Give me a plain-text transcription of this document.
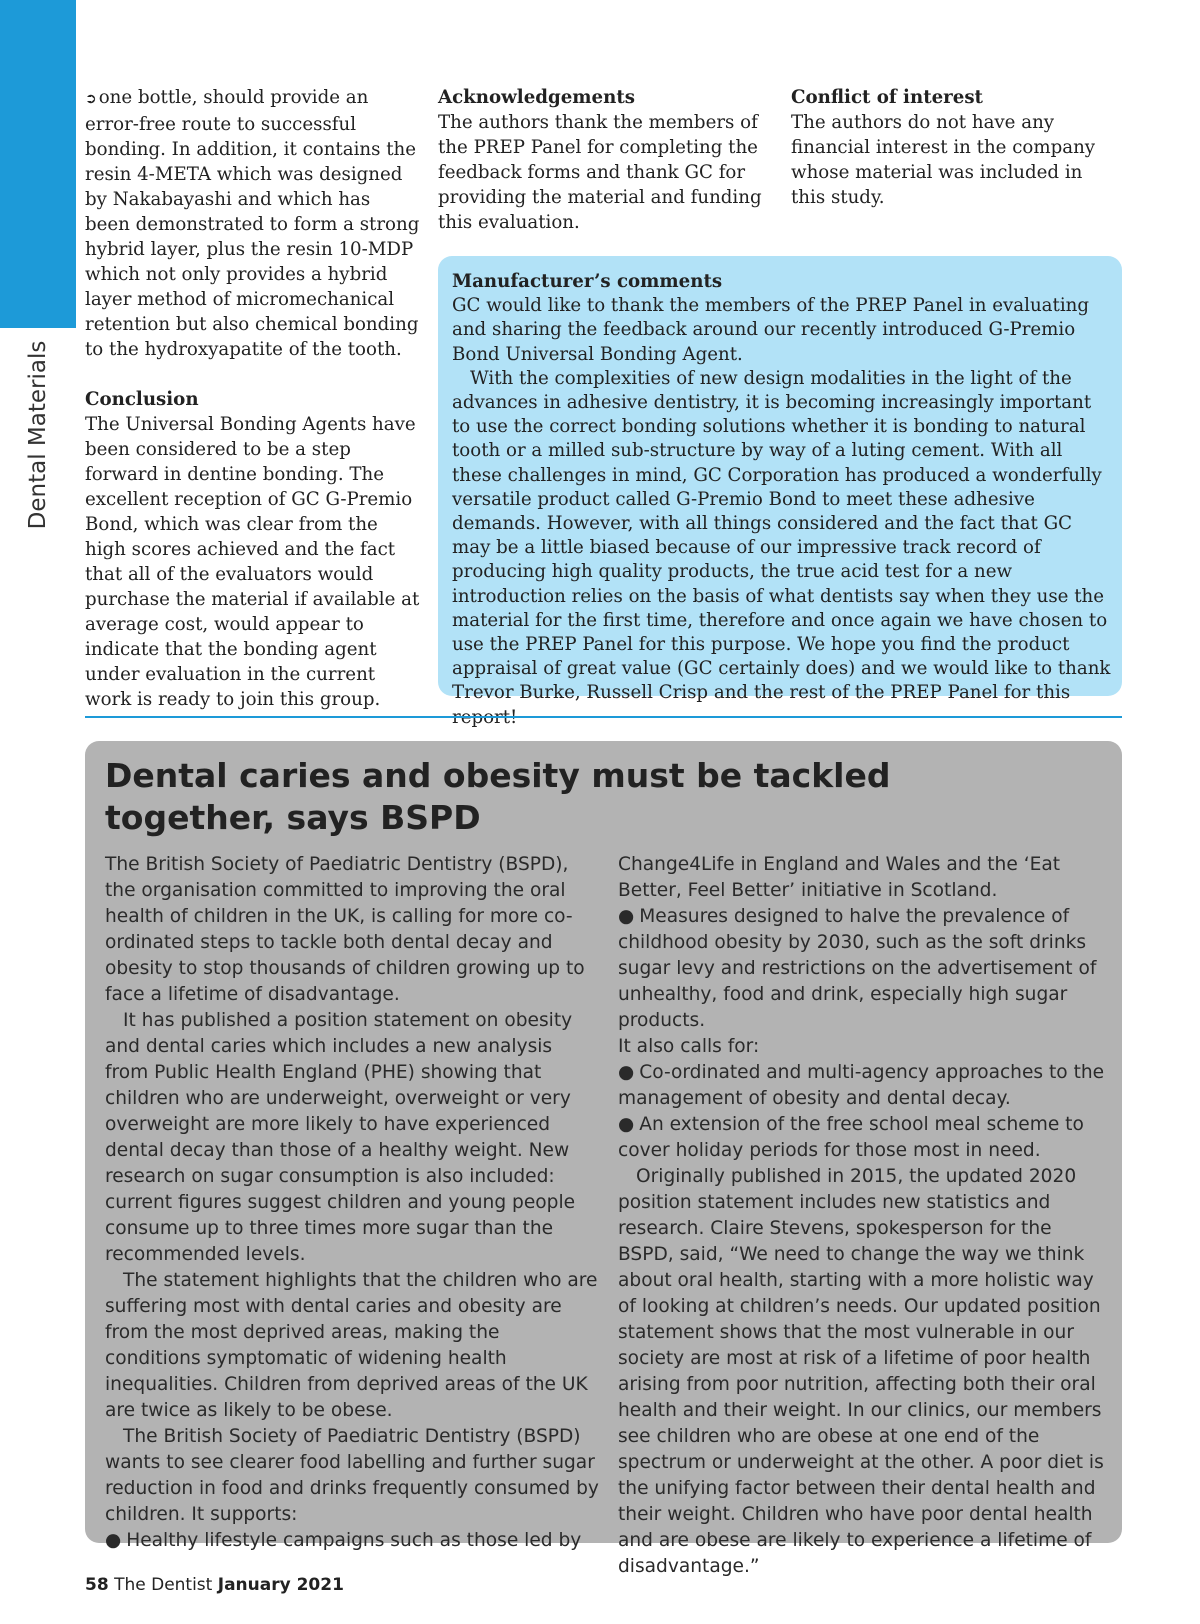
Dental Materials

➲ one bottle, should provide an error-free route to successful bonding. In addition, it contains the resin 4-META which was designed by Nakabayashi and which has been demonstrated to form a strong hybrid layer, plus the resin 10-MDP which not only provides a hybrid layer method of micromechanical retention but also chemical bonding to the hydroxyapatite of the tooth.

Conclusion

The Universal Bonding Agents have been considered to be a step forward in dentine bonding. The excellent reception of GC G-Premio Bond, which was clear from the high scores achieved and the fact that all of the evaluators would purchase the material if available at average cost, would appear to indicate that the bonding agent under evaluation in the current work is ready to join this group.

Acknowledgements

The authors thank the members of the PREP Panel for completing the feedback forms and thank GC for providing the material and funding this evaluation.

Conflict of interest

The authors do not have any financial interest in the company whose material was included in this study.

Manufacturer’s comments

GC would like to thank the members of the PREP Panel in evaluating and sharing the feedback around our recently introduced G-Premio Bond Universal Bonding Agent.

With the complexities of new design modalities in the light of the advances in adhesive dentistry, it is becoming increasingly important to use the correct bonding solutions whether it is bonding to natural tooth or a milled sub-structure by way of a luting cement. With all these challenges in mind, GC Corporation has produced a wonderfully versatile product called G-Premio Bond to meet these adhesive demands. However, with all things considered and the fact that GC may be a little biased because of our impressive track record of producing high quality products, the true acid test for a new introduction relies on the basis of what dentists say when they use the material for the first time, therefore and once again we have chosen to use the PREP Panel for this purpose. We hope you find the product appraisal of great value (GC certainly does) and we would like to thank Trevor Burke, Russell Crisp and the rest of the PREP Panel for this report!

Dental caries and obesity must be tackled together, says BSPD

The British Society of Paediatric Dentistry (BSPD), the organisation committed to improving the oral health of children in the UK, is calling for more co-ordinated steps to tackle both dental decay and obesity to stop thousands of children growing up to face a lifetime of disadvantage.

It has published a position statement on obesity and dental caries which includes a new analysis from Public Health England (PHE) showing that children who are underweight, overweight or very overweight are more likely to have experienced dental decay than those of a healthy weight. New research on sugar consumption is also included: current figures suggest children and young people consume up to three times more sugar than the recommended levels.

The statement highlights that the children who are suffering most with dental caries and obesity are from the most deprived areas, making the conditions symptomatic of widening health inequalities. Children from deprived areas of the UK are twice as likely to be obese.

The British Society of Paediatric Dentistry (BSPD) wants to see clearer food labelling and further sugar reduction in food and drinks frequently consumed by children. It supports:

● Healthy lifestyle campaigns such as those led by

Change4Life in England and Wales and the ‘Eat Better, Feel Better’ initiative in Scotland.

● Measures designed to halve the prevalence of childhood obesity by 2030, such as the soft drinks sugar levy and restrictions on the advertisement of unhealthy, food and drink, especially high sugar products.

It also calls for:

● Co-ordinated and multi-agency approaches to the management of obesity and dental decay.

● An extension of the free school meal scheme to cover holiday periods for those most in need.

Originally published in 2015, the updated 2020 position statement includes new statistics and research. Claire Stevens, spokesperson for the BSPD, said, “We need to change the way we think about oral health, starting with a more holistic way of looking at children’s needs. Our updated position statement shows that the most vulnerable in our society are most at risk of a lifetime of poor health arising from poor nutrition, affecting both their oral health and their weight. In our clinics, our members see children who are obese at one end of the spectrum or underweight at the other. A poor diet is the unifying factor between their dental health and their weight. Children who have poor dental health and are obese are likely to experience a lifetime of disadvantage.”

58 The Dentist January 2021
